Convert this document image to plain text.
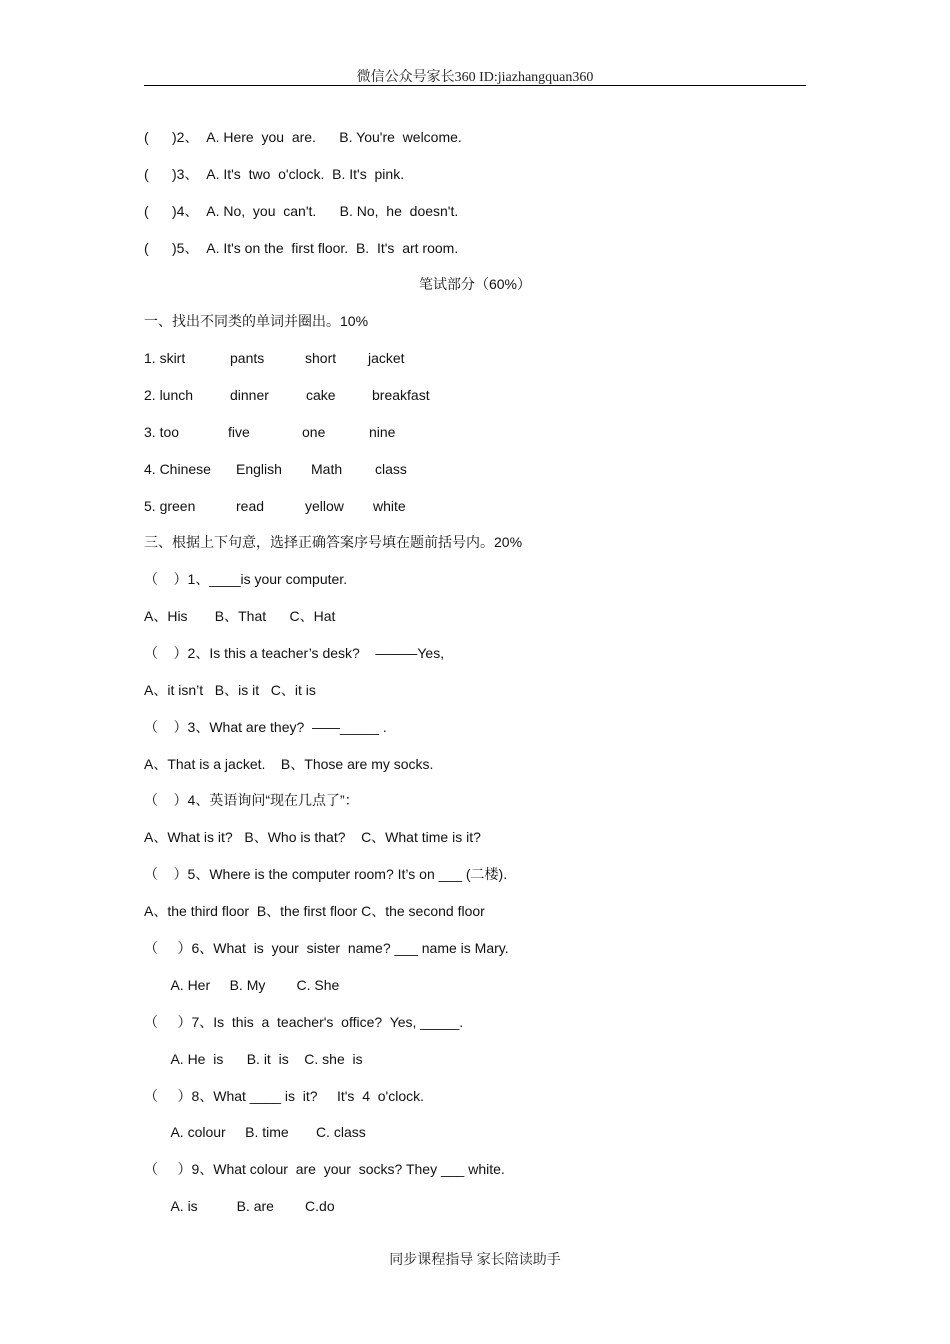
微信公众号家长360 ID:jiazhangquan360
(      )2、  A. Here  you  are.      B. You're  welcome.
(      )3、  A. It's  two  o'clock.  B. It's  pink.
(      )4、  A. No,  you  can't.      B. No,  he  doesn't.
(      )5、  A. It's on the  first floor.  B.  It's  art room.
笔试部分（60%）
一、找出不同类的单词并圈出。10%
1. skirt	pants	short jacket
2. lunch	dinner	cake	breakfast
3. too	five	one	nine
4. Chinese English Math class
5. green	read	yellow white
三、根据上下句意，选择正确答案序号填在题前括号内。20%
（    ）1、____is your computer.
A、His       B、That      C、Hat
（    ）2、Is this a teacher’s desk?    ———Yes,
A、it isn’t   B、is it   C、it is
（    ）3、What are they?  ——_____ .
A、That is a jacket.    B、Those are my socks.
（    ）4、英语询问“现在几点了”：
A、What is it?   B、Who is that?    C、What time is it?
（    ）5、Where is the computer room? It’s on ___ (二楼).
A、the third floor  B、the first floor C、the second floor
（     ）6、What  is  your  sister  name? ___ name is Mary.
A. Her     B. My        C. She
（     ）7、Is  this  a  teacher's  office?  Yes, _____.
A. He  is      B. it  is    C. she  is
（     ）8、What ____ is  it?     It's  4  o'clock.
A. colour     B. time       C. class
（     ）9、What colour  are  your  socks? They ___ white.
A. is          B. are        C.do
同步课程指导 家长陪读助手
